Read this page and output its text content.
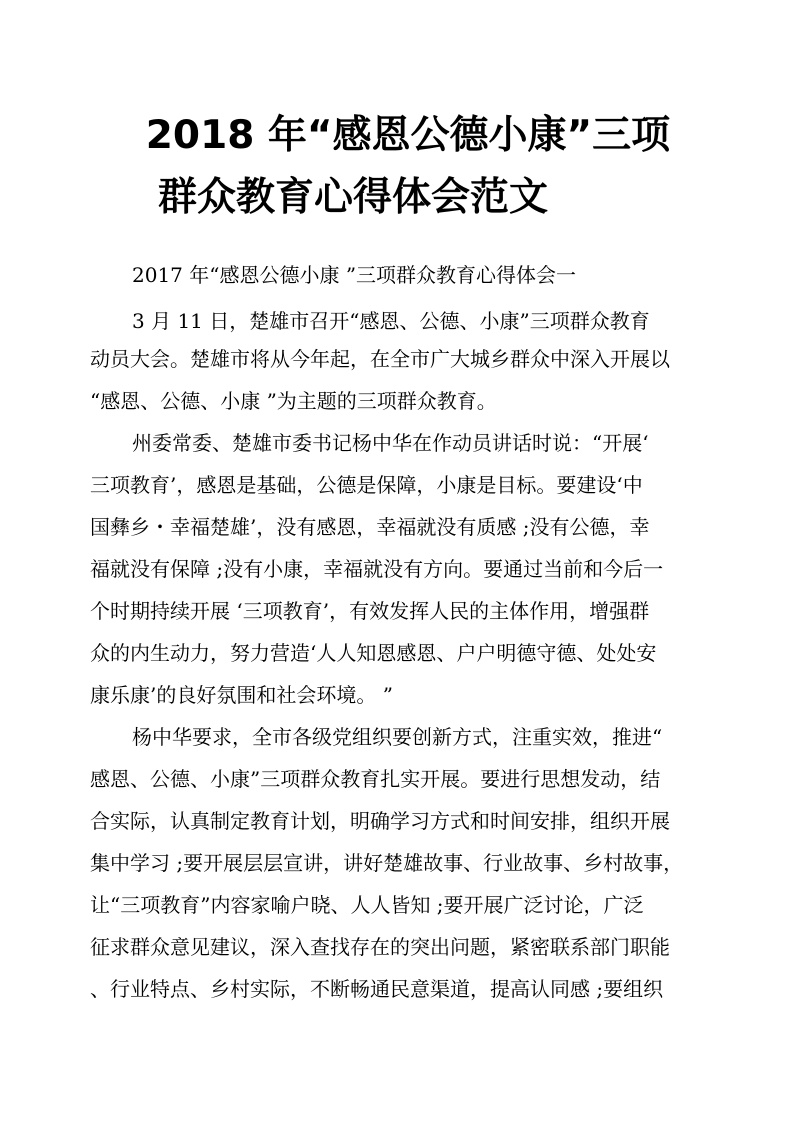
2018 年“感恩公德小康”三项
群众教育心得体会范文
2017 年“感恩公德小康 ”三项群众教育心得体会一
3 月 11 日，楚雄市召开“感恩、公德、小康”三项群众教育
动员大会。楚雄市将从今年起，在全市广大城乡群众中深入开展以
“感恩、公德、小康 ”为主题的三项群众教育。
州委常委、楚雄市委书记杨中华在作动员讲话时说：“开展‘
三项教育’，感恩是基础，公德是保障，小康是目标。要建设‘中
国彝乡・幸福楚雄’，没有感恩，幸福就没有质感 ;没有公德，幸
福就没有保障 ;没有小康，幸福就没有方向。要通过当前和今后一
个时期持续开展 ‘三项教育’，有效发挥人民的主体作用，增强群
众的内生动力，努力营造‘人人知恩感恩、户户明德守德、处处安
康乐康’的良好氛围和社会环境。 ”
杨中华要求，全市各级党组织要创新方式，注重实效，推进“
感恩、公德、小康”三项群众教育扎实开展。要进行思想发动，结
合实际，认真制定教育计划，明确学习方式和时间安排，组织开展
集中学习 ;要开展层层宣讲，讲好楚雄故事、行业故事、乡村故事，
让“三项教育”内容家喻户晓、人人皆知 ;要开展广泛讨论，广泛
征求群众意见建议，深入查找存在的突出问题，紧密联系部门职能
、行业特点、乡村实际，不断畅通民意渠道，提高认同感 ;要组织
